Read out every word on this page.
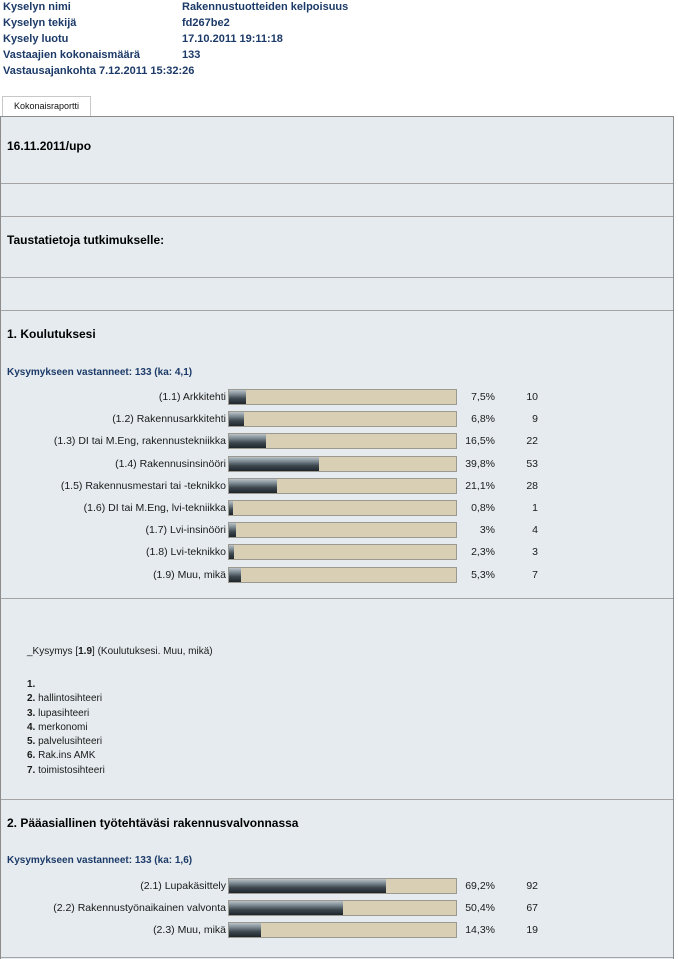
Kyselyn nimi	Rakennustuotteiden kelpoisuus
Kyselyn tekijä	fd267be2
Kysely luotu	17.10.2011 19:11:18
Vastaajien kokonaismäärä	133
Vastausajankohta 7.12.2011 15:32:26
Kokonaisraportti
16.11.2011/upo
Taustatietoja tutkimukselle:
1. Koulutuksesi
Kysymykseen vastanneet: 133 (ka: 4,1)
(1.1) Arkkitehti	7,5%	10
(1.2) Rakennusarkkitehti	6,8%	9
(1.3) DI tai M.Eng, rakennustekniikka	16,5%	22
(1.4) Rakennusinsinööri	39,8%	53
(1.5) Rakennusmestari tai -teknikko	21,1%	28
(1.6) DI tai M.Eng, lvi-tekniikka	0,8%	1
(1.7) Lvi-insinööri	3%	4
(1.8) Lvi-teknikko	2,3%	3
(1.9) Muu, mikä	5,3%	7
_Kysymys [1.9] (Koulutuksesi. Muu, mikä)
1.
2. hallintosihteeri
3. lupasihteeri
4. merkonomi
5. palvelusihteeri
6. Rak.ins AMK
7. toimistosihteeri
2. Pääasiallinen työtehtäväsi rakennusvalvonnassa
Kysymykseen vastanneet: 133 (ka: 1,6)
(2.1) Lupakäsittely	69,2%	92
(2.2) Rakennustyönaikainen valvonta	50,4%	67
(2.3) Muu, mikä	14,3%	19
